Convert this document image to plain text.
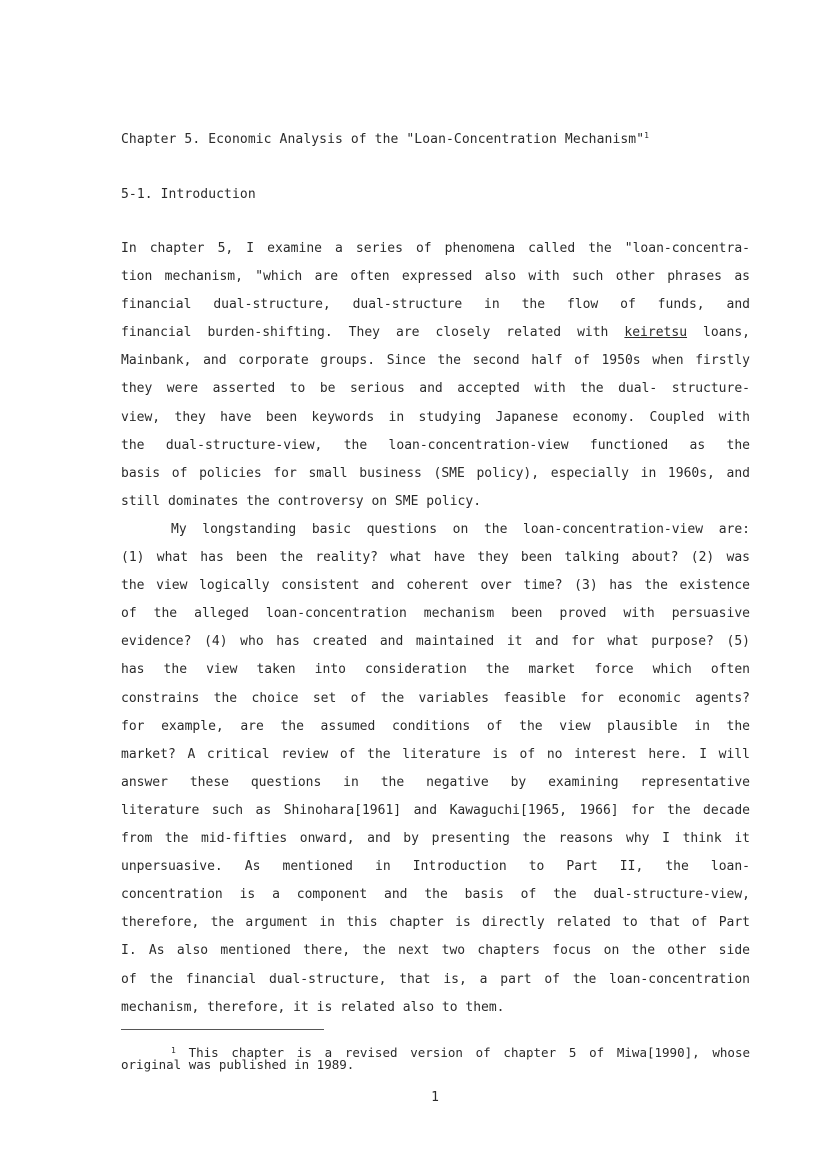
Chapter 5. Economic Analysis of the "Loan-Concentration Mechanism"$^1$
5-1. Introduction
In chapter 5, I examine a series of phenomena called the "loan-concentra-
tion mechanism, "which are often expressed also with such other phrases as
financial dual-structure, dual-structure in the flow of funds, and
financial burden-shifting. They are closely related with keiretsu loans,
Mainbank, and corporate groups. Since the second half of 1950s when firstly
they were asserted to be serious and accepted with the dual- structure-
view, they have been keywords in studying Japanese economy. Coupled with
the dual-structure-view, the loan-concentration-view functioned as the
basis of policies for small business (SME policy), especially in 1960s, and
still dominates the controversy on SME policy.
My longstanding basic questions on the loan-concentration-view are:
(1) what has been the reality? what have they been talking about? (2) was
the view logically consistent and coherent over time? (3) has the existence
of the alleged loan-concentration mechanism been proved with persuasive
evidence? (4) who has created and maintained it and for what purpose? (5)
has the view taken into consideration the market force which often
constrains the choice set of the variables feasible for economic agents?
for example, are the assumed conditions of the view plausible in the
market? A critical review of the literature is of no interest here. I will
answer these questions in the negative by examining representative
literature such as Shinohara[1961] and Kawaguchi[1965, 1966] for the decade
from the mid-fifties onward, and by presenting the reasons why I think it
unpersuasive. As mentioned in Introduction to Part II, the loan-
concentration is a component and the basis of the dual-structure-view,
therefore, the argument in this chapter is directly related to that of Part
I. As also mentioned there, the next two chapters focus on the other side
of the financial dual-structure, that is, a part of the loan-concentration
mechanism, therefore, it is related also to them.
$^1$ This chapter is a revised version of chapter 5 of Miwa[1990], whose
original was published in 1989.
1
